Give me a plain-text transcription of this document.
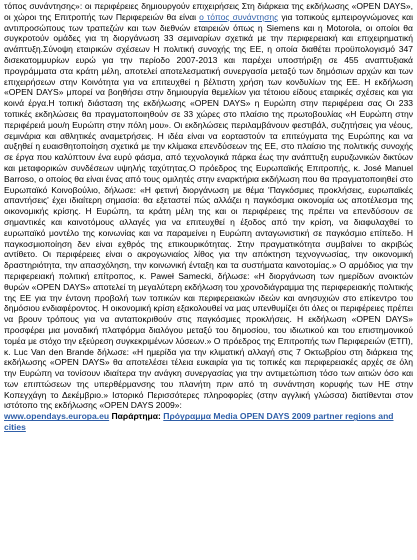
τόπος συνάντησης»: οι περιφέρειες δημιουργούν επιχειρήσεις Στη διάρκεια της εκδήλωσης «OPEN DAYS», οι χώροι της Επιτροπής των Περιφερειών θα είναι ο τόπος συνάντησης για τοπικούς εμπειρογνώμονες και αντιπροσώπους των τραπεζών και των διεθνών εταιρειών όπως η Siemens και η Motorola, οι οποίοι θα συγκροτούν ομάδες για τη διοργάνωση 33 σεμιναρίων σχετικά με την περιφερειακή και επιχειρηματική ανάπτυξη.Σύνοψη εταιρικών σχέσεων Η πολιτική συνοχής της ΕΕ, η οποία διαθέτει προϋπολογισμό 347 δισεκατομμυρίων ευρώ για την περίοδο 2007-2013 και παρέχει υποστήριξη σε 455 αναπτυξιακά προγράμματα στα κράτη μέλη, αποτελεί αποτελεσματική συνεργασία μεταξύ των δημόσιων αρχών και των επιχειρήσεων στην Κοινότητα για να επιτευχθεί η βέλτιστη χρήση των κονδυλίων της ΕΕ. Η εκδήλωση «OPEN DAYS» μπορεί να βοηθήσει στην δημιουργία θεμελίων για τέτοιου είδους εταιρικές σχέσεις και για κοινά έργα.Η τοπική διάσταση της εκδήλωσης «OPEN DAYS» η Ευρώπη στην περιφέρεια σας Οι 233 τοπικές εκδηλώσεις θα πραγματοποιηθούν σε 33 χώρες στο πλαίσιο της πρωτοβουλίας «Η Ευρώπη στην περιφέρειά μου/η Ευρώπη στην πόλη μου». Οι εκδηλώσεις περιλαμβάνουν φεστιβάλ, συζητήσεις για νέους, σεμινάρια και αθλητικές αναμετρήσεις. Η ιδέα είναι να εορταστούν τα επιτεύγματα της Ευρώπης και να αυξηθεί η ευαισθητοποίηση σχετικά με την κλίμακα επενδύσεων της ΕΕ, στο πλαίσιο της πολιτικής συνοχής σε έργα που καλύπτουν ένα ευρύ φάσμα, από τεχνολογικά πάρκα έως την ανάπτυξη ευρυζωνικών δικτύων και μεταφορικών συνδέσεων υψηλής ταχύτητας.Ο πρόεδρος της Ευρωπαϊκής Επιτροπής, κ. José Manuel Barroso, ο οποίος θα είναι ένας από τους ομιλητές στην εναρκτήρια εκδήλωση που θα πραγματοποιηθεί στο Ευρωπαϊκό Κοινοβούλιο, δήλωσε: «Η φετινή διοργάνωση με θέμα 'Παγκόσμιες προκλήσεις, ευρωπαϊκές απαντήσεις' έχει ιδιαίτερη σημασία: θα εξεταστεί πώς αλλάζει η παγκόσμια οικονομία ως αποτέλεσμα της οικονομικής κρίσης. Η Ευρώπη, τα κράτη μέλη της και οι περιφέρειες της πρέπει να επενδύσουν σε σημαντικές και καινοτόμους αλλαγές για να επιτευχθεί η έξοδος από την κρίση, να διαφυλαχθεί το ευρωπαϊκό μοντέλο της κοινωνίας και να παραμείνει η Ευρώπη ανταγωνιστική σε παγκόσμιο επίπεδο. Η παγκοσμιοποίηση δεν είναι εχθρός της επικουρικότητας. Στην πραγματικότητα συμβαίνει το ακριβώς αντίθετο. Οι περιφέρειες είναι ο ακρογωνιαίος λίθος για την απόκτηση τεχνογνωσίας, την οικονομική δραστηριότητα, την απασχόληση, την κοινωνική ένταξη και τα συστήματα καινοτομίας.» Ο αρμόδιος για την περιφερειακή πολιτική επίτροπος, κ. Paweł Samecki, δήλωσε: «Η διοργάνωση των ημερίδων ανοικτών θυρών «OPEN DAYS» αποτελεί τη μεγαλύτερη εκδήλωση του χρονοδιάγραμμα της περιφερειακής πολιτικής της ΕΕ για την έντονη προβολή των τοπικών και περιφερειακών ιδεών και ανησυχιών στο επίκεντρο του δημόσιου ενδιαφέροντος. Η οικονομική κρίση εξακολουθεί να μας υπενθυμίζει ότι όλες οι περιφέρειες πρέπει να βρουν τρόπους για να ανταποκριθούν στις παγκόσμιες προκλήσεις. Η εκδήλωση «OPEN DAYS» προσφέρει μια μοναδική πλατφόρμα διαλόγου μεταξύ του δημοσίου, του ιδιωτικού και του επιστημονικού τομέα με στόχο την εξεύρεση συγκεκριμένων λύσεων.» Ο πρόεδρος της Επιτροπής των Περιφερειών (ΕΤΠ), κ. Luc Van den Brande δήλωσε: «Η ημερίδα για την κλιματική αλλαγή στις 7 Οκτωβρίου στη διάρκεια της εκδήλωσης «OPEN DAYS» θα αποτελέσει τέλεια ευκαιρία για τις τοπικές και περιφερειακές αρχές σε όλη την Ευρώπη να τονίσουν ιδιαίτερα την ανάγκη συνεργασίας για την αντιμετώπιση τόσο των αιτιών όσο και των επιπτώσεων της υπερθέρμανσης του πλανήτη πριν από τη συνάντηση κορυφής των ΗΕ στην Κοπεγχάγη το Δεκέμβριο.» Ιστορικό Περισσότερες πληροφορίες (στην αγγλική γλώσσα) διατίθενται στον ιστότοπο της εκδήλωσης «OPEN DAYS 2009»:

www.opendays.europa.eu Παράρτημα: Πρόγραμμα Media OPEN DAYS 2009 partner regions and cities
